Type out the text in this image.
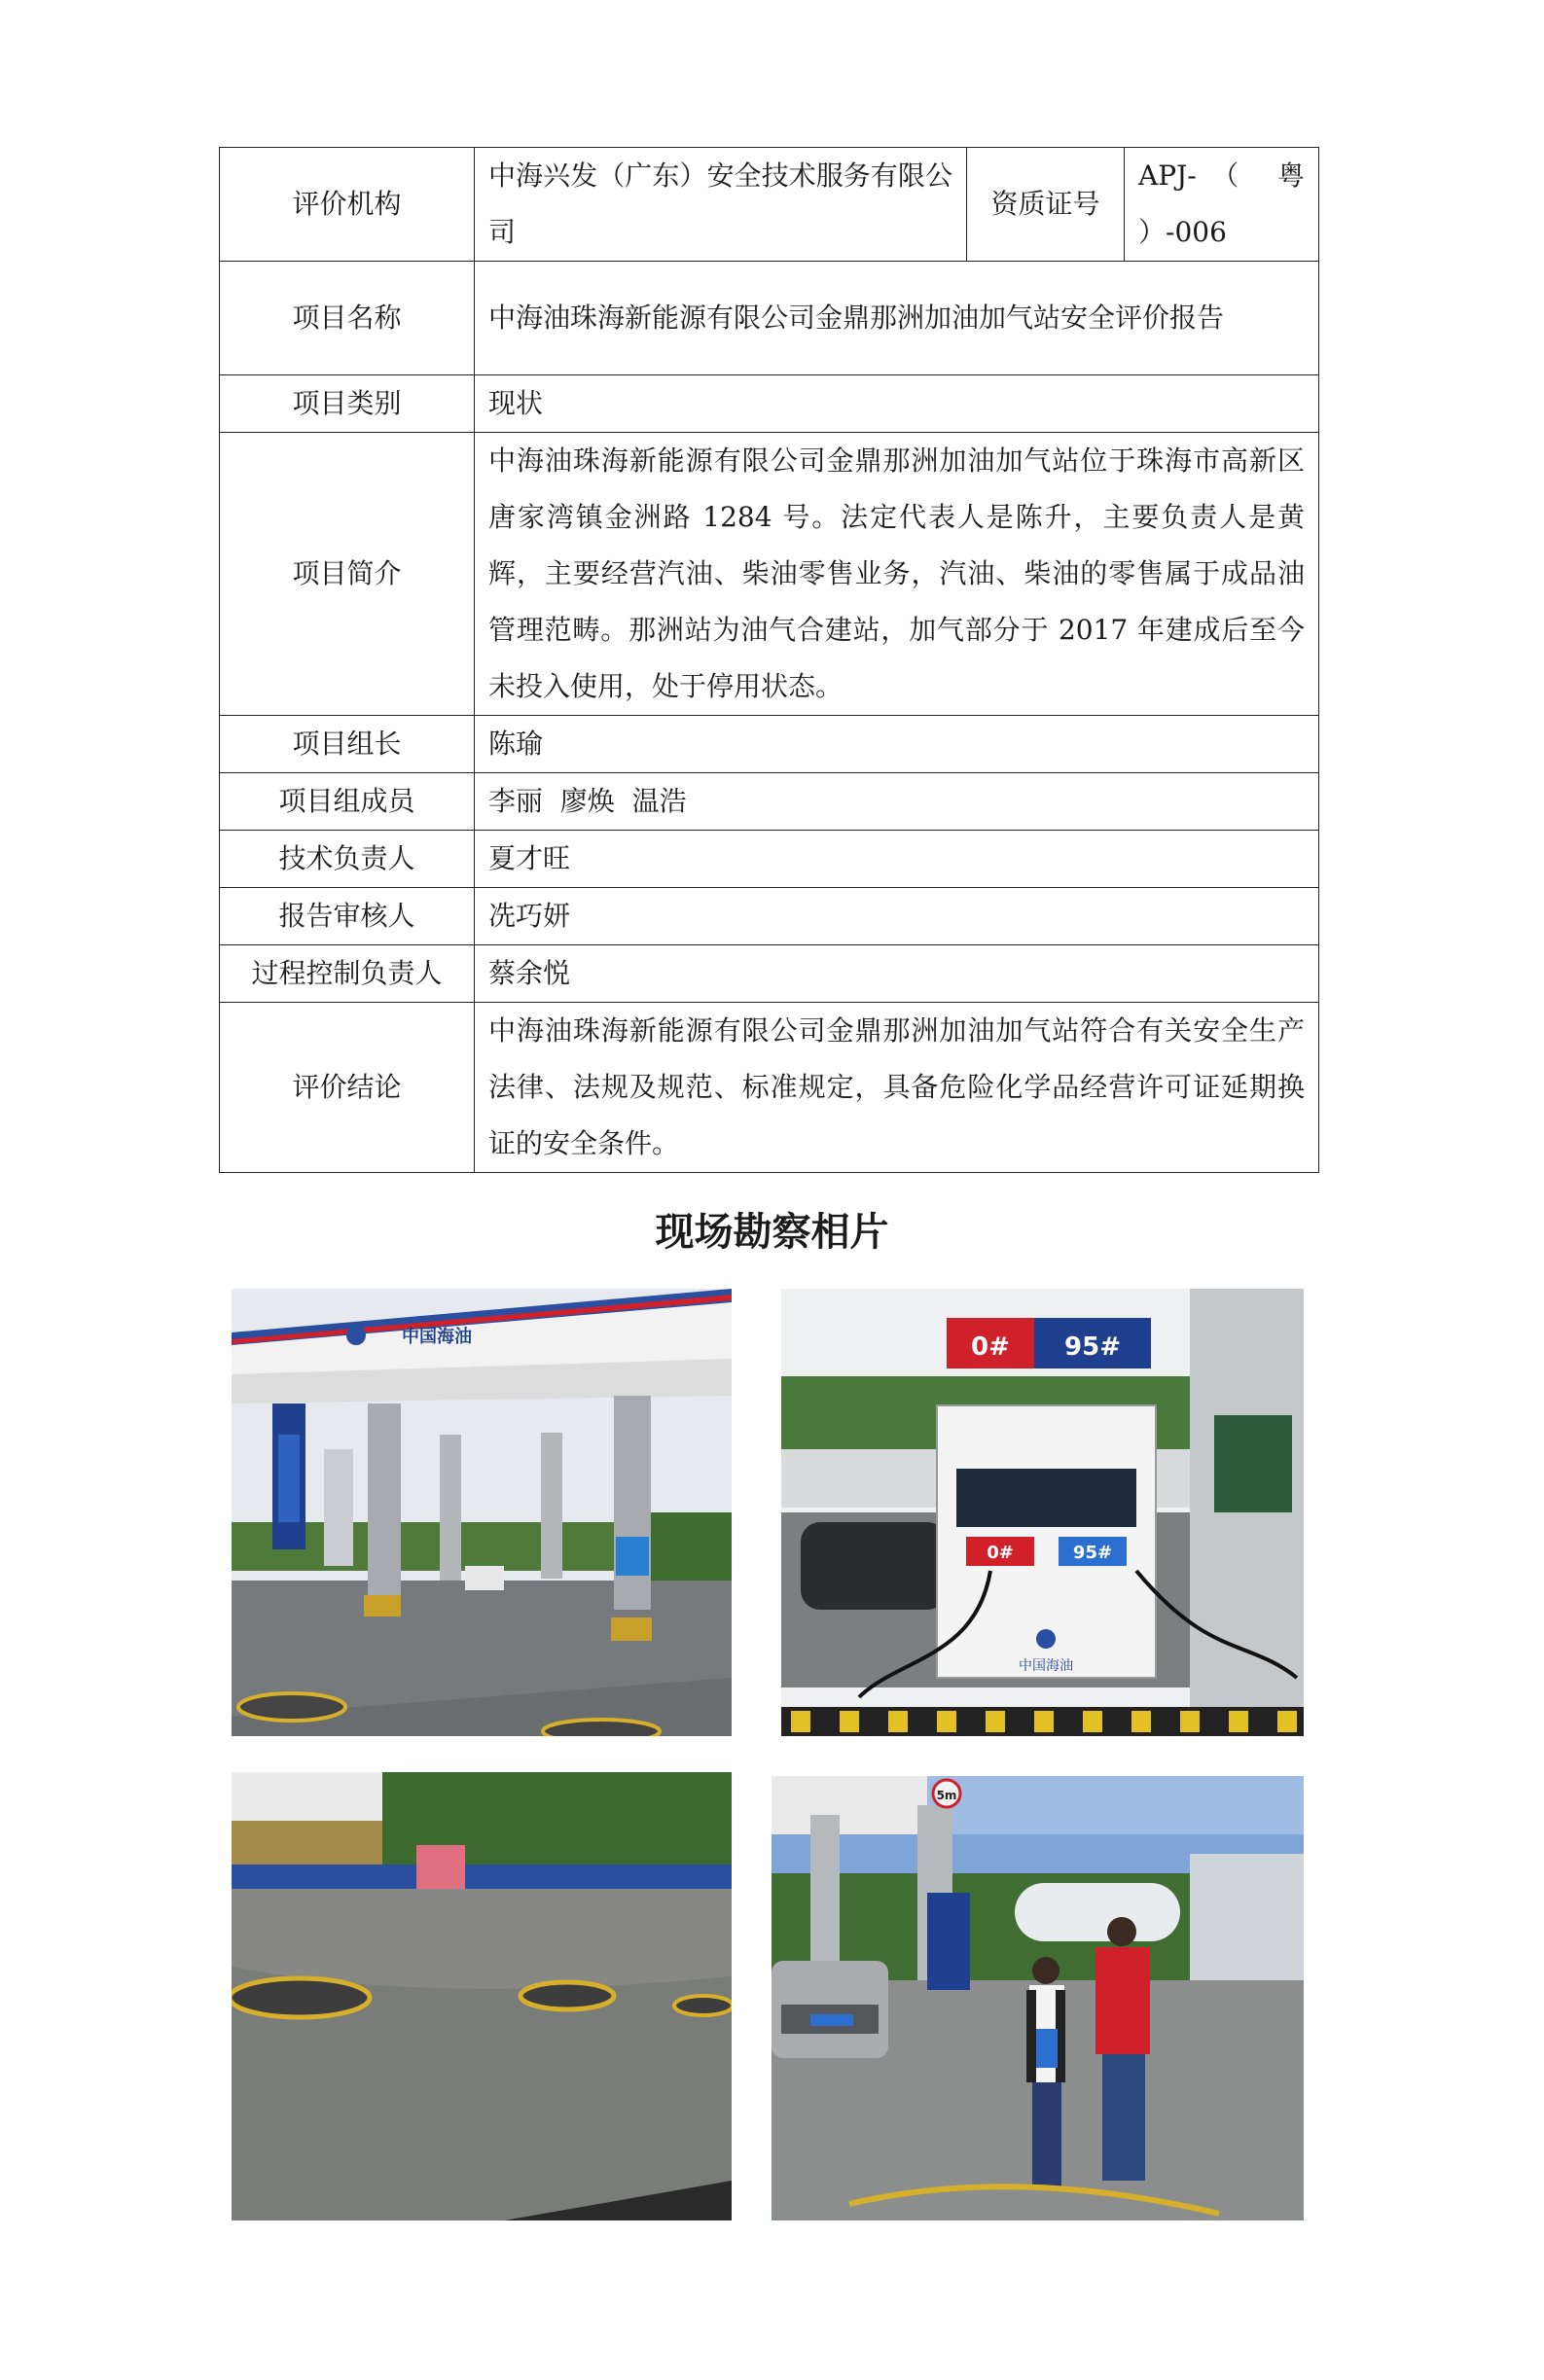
评价机构	中海兴发（广东）安全技术服务有限公司	资质证号	APJ-（ 粤 ）-006
项目名称	中海油珠海新能源有限公司金鼎那洲加油加气站安全评价报告		
项目类别	现状		
项目简介	中海油珠海新能源有限公司金鼎那洲加油加气站位于珠海市高新区唐家湾镇金洲路 1284 号。法定代表人是陈升，主要负责人是黄辉，主要经营汽油、柴油零售业务，汽油、柴油的零售属于成品油管理范畴。那洲站为油气合建站，加气部分于 2017 年建成后至今未投入使用，处于停用状态。		
项目组长	陈瑜		
项目组成员	李丽  廖焕  温浩		
技术负责人	夏才旺		
报告审核人	冼巧妍		
过程控制负责人	蔡余悦		
评价结论	中海油珠海新能源有限公司金鼎那洲加油加气站符合有关安全生产法律、法规及规范、标准规定，具备危险化学品经营许可证延期换证的安全条件。		
现场勘察相片
中国海油	0# 95#
0#	95#
中国海油
5m
